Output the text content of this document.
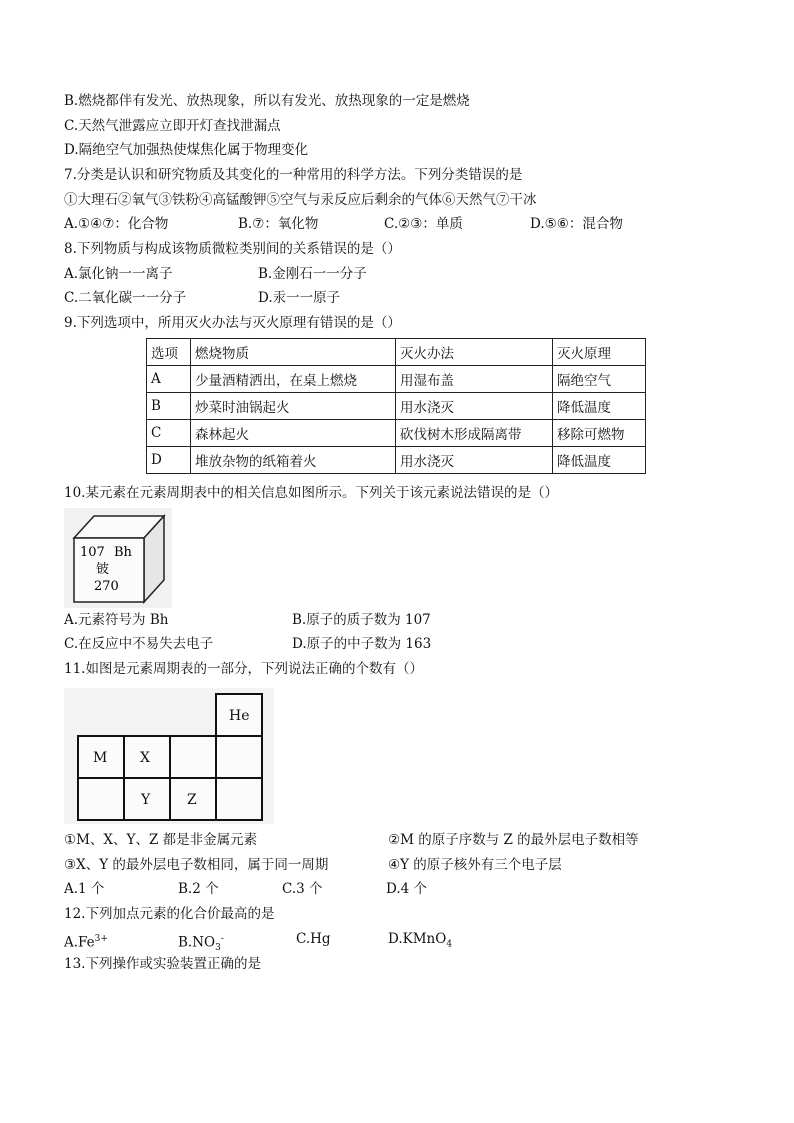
B.燃烧都伴有发光、放热现象，所以有发光、放热现象的一定是燃烧
C.天然气泄露应立即开灯查找泄漏点
D.隔绝空气加强热使煤焦化属于物理变化
7.分类是认识和研究物质及其变化的一种常用的科学方法。下列分类错误的是
①大理石②氧气③铁粉④高锰酸钾⑤空气与汞反应后剩余的气体⑥天然气⑦干冰
A.①④⑦：化合物	B.⑦：氧化物	C.②③：单质	D.⑤⑥：混合物
8.下列物质与构成该物质微粒类别间的关系错误的是（）
A.氯化钠一一离子	B.金刚石一一分子
C.二氧化碳一一分子	D.汞一一原子
9.下列选项中，所用灭火办法与灭火原理有错误的是（）
选项	燃烧物质	灭火办法	灭火原理
A	少量酒精洒出，在桌上燃烧	用湿布盖	隔绝空气
B	炒菜时油锅起火	用水浇灭	降低温度
C	森林起火	砍伐树木形成隔离带	移除可燃物
D	堆放杂物的纸箱着火	用水浇灭	降低温度
10.某元素在元素周期表中的相关信息如图所示。下列关于该元素说法错误的是（）
107 Bh
铍
270
A.元素符号为 Bh	B.原子的质子数为 107
C.在反应中不易失去电子	D.原子的中子数为 163
11.如图是元素周期表的一部分，下列说法正确的个数有（）
He
M X
Y	Z
①M、X、Y、Z 都是非金属元素	②M 的原子序数与 Z 的最外层电子数相等
③X、Y 的最外层电子数相同，属于同一周期	④Y 的原子核外有三个电子层
A.1 个	B.2 个	C.3 个	D.4 个
12.下列加点元素的化合价最高的是
$A.Fe^{3+}$	$B.NO_3^-$	C.Hg	D.KMnO$_4$
13.下列操作或实验装置正确的是
